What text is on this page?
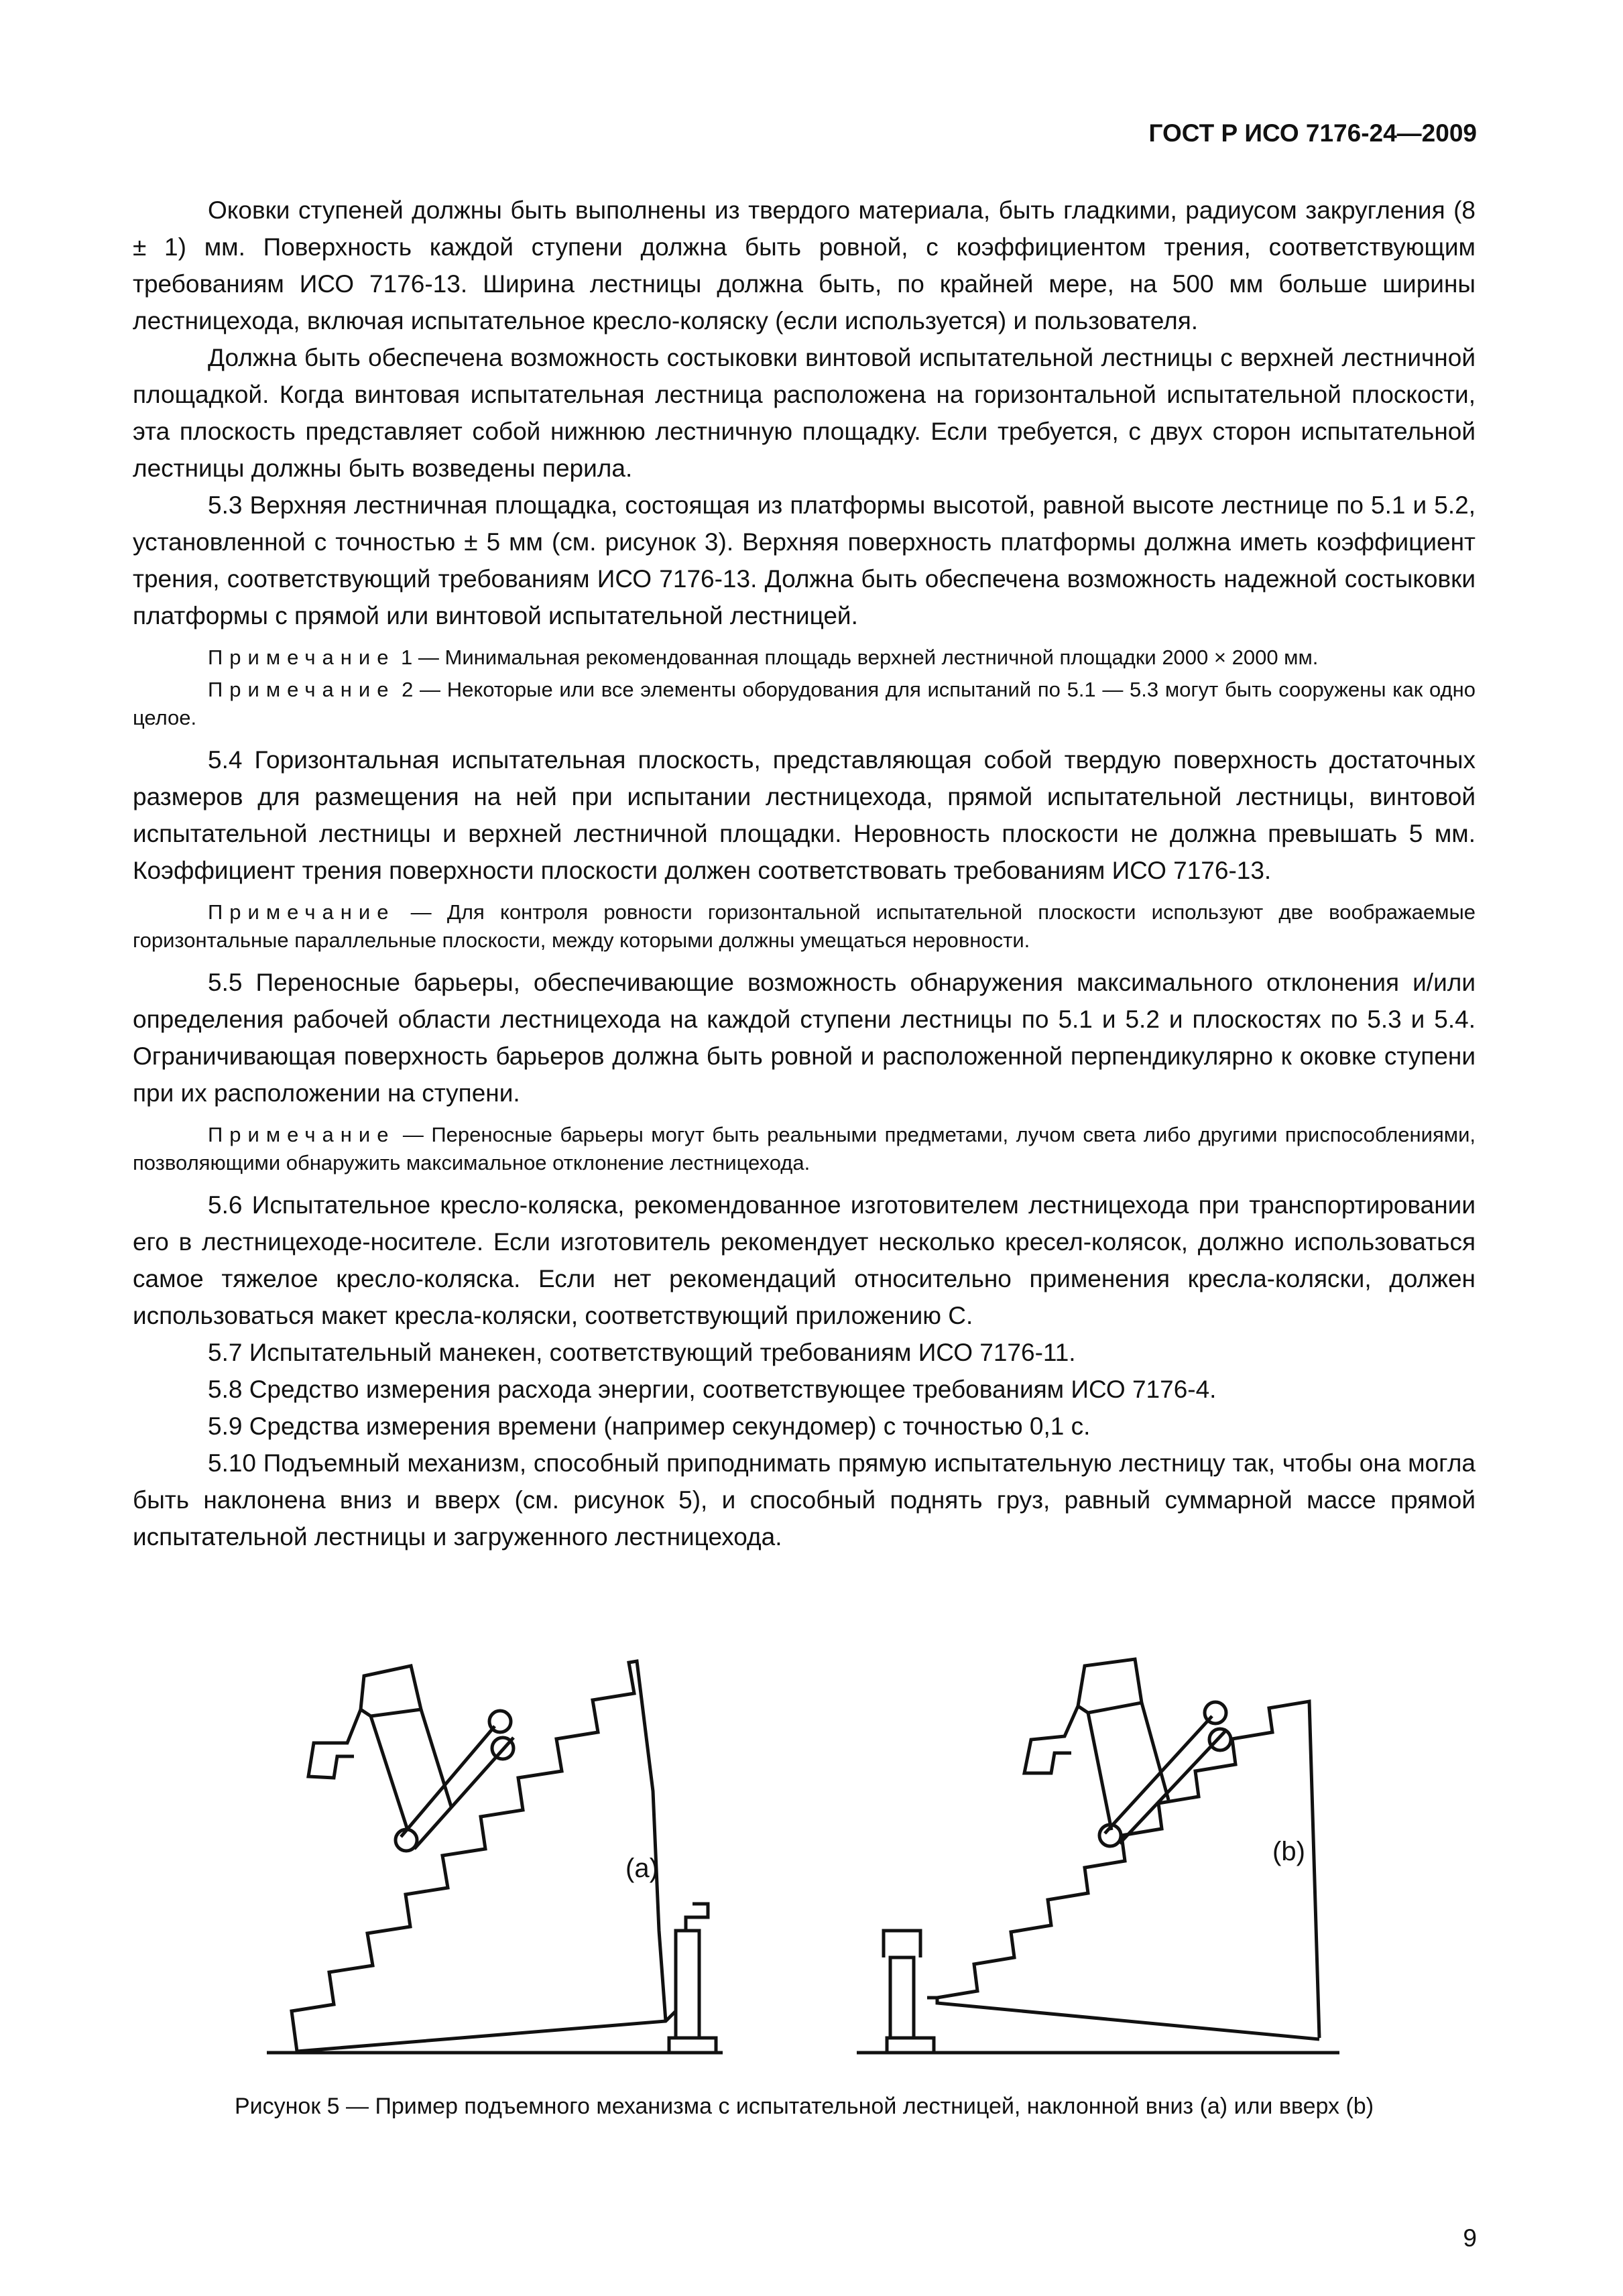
ГОСТ Р ИСО 7176-24—2009

Оковки ступеней должны быть выполнены из твердого материала, быть гладкими, радиусом закругления (8 ± 1) мм. Поверхность каждой ступени должна быть ровной, с коэффициентом трения, соответствующим требованиям ИСО 7176-13. Ширина лестницы должна быть, по крайней мере, на 500 мм больше ширины лестницехода, включая испытательное кресло-коляску (если используется) и пользователя.

Должна быть обеспечена возможность состыковки винтовой испытательной лестницы с верхней лестничной площадкой. Когда винтовая испытательная лестница расположена на горизонтальной испытательной плоскости, эта плоскость представляет собой нижнюю лестничную площадку. Если требуется, с двух сторон испытательной лестницы должны быть возведены перила.

5.3 Верхняя лестничная площадка, состоящая из платформы высотой, равной высоте лестнице по 5.1 и 5.2, установленной с точностью ± 5 мм (см. рисунок 3). Верхняя поверхность платформы должна иметь коэффициент трения, соответствующий требованиям ИСО 7176-13. Должна быть обеспечена возможность надежной состыковки платформы с прямой или винтовой испытательной лестницей.

Примечание 1 — Минимальная рекомендованная площадь верхней лестничной площадки 2000 × 2000 мм.
Примечание 2 — Некоторые или все элементы оборудования для испытаний по 5.1 — 5.3 могут быть сооружены как одно целое.

5.4 Горизонтальная испытательная плоскость, представляющая собой твердую поверхность достаточных размеров для размещения на ней при испытании лестницехода, прямой испытательной лестницы, винтовой испытательной лестницы и верхней лестничной площадки. Неровность плоскости не должна превышать 5 мм. Коэффициент трения поверхности плоскости должен соответствовать требованиям ИСО 7176-13.

Примечание — Для контроля ровности горизонтальной испытательной плоскости используют две воображаемые горизонтальные параллельные плоскости, между которыми должны умещаться неровности.

5.5 Переносные барьеры, обеспечивающие возможность обнаружения максимального отклонения и/или определения рабочей области лестницехода на каждой ступени лестницы по 5.1 и 5.2 и плоскостях по 5.3 и 5.4. Ограничивающая поверхность барьеров должна быть ровной и расположенной перпендикулярно к оковке ступени при их расположении на ступени.

Примечание — Переносные барьеры могут быть реальными предметами, лучом света либо другими приспособлениями, позволяющими обнаружить максимальное отклонение лестницехода.

5.6 Испытательное кресло-коляска, рекомендованное изготовителем лестницехода при транспортировании его в лестницеходе-носителе. Если изготовитель рекомендует несколько кресел-колясок, должно использоваться самое тяжелое кресло-коляска. Если нет рекомендаций относительно применения кресла-коляски, должен использоваться макет кресла-коляски, соответствующий приложению С.

5.7 Испытательный манекен, соответствующий требованиям ИСО 7176-11.

5.8 Средство измерения расхода энергии, соответствующее требованиям ИСО 7176-4.

5.9 Средства измерения времени (например секундомер) с точностью 0,1 с.

5.10 Подъемный механизм, способный приподнимать прямую испытательную лестницу так, чтобы она могла быть наклонена вниз и вверх (см. рисунок 5), и способный поднять груз, равный суммарной массе прямой испытательной лестницы и загруженного лестницехода.

(a)
(b)
Рисунок 5 — Пример подъемного механизма с испытательной лестницей, наклонной вниз (а) или вверх (b)
9
